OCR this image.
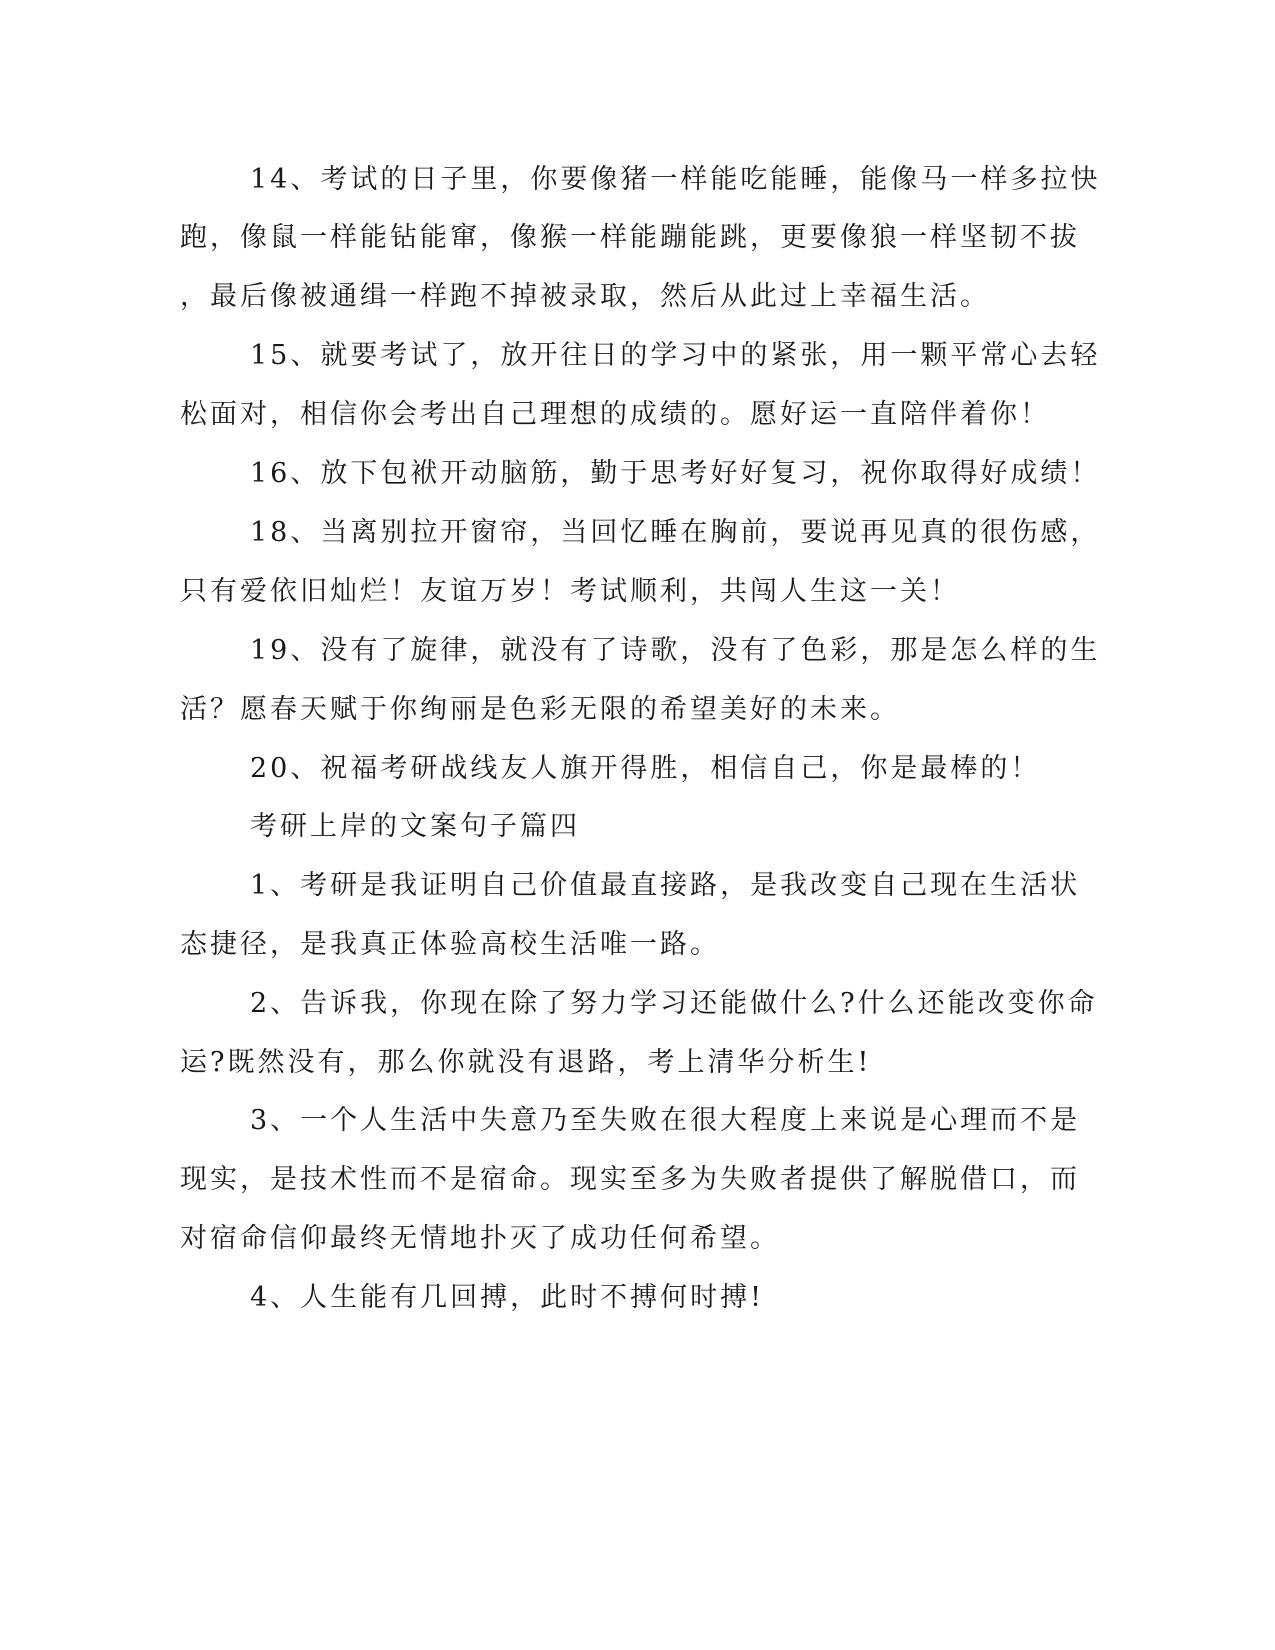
14、考试的日子里，你要像猪一样能吃能睡，能像马一样多拉快
跑，像鼠一样能钻能窜，像猴一样能蹦能跳，更要像狼一样坚韧不拔
，最后像被通缉一样跑不掉被录取，然后从此过上幸福生活。
15、就要考试了，放开往日的学习中的紧张，用一颗平常心去轻
松面对，相信你会考出自己理想的成绩的。愿好运一直陪伴着你！
16、放下包袱开动脑筋，勤于思考好好复习，祝你取得好成绩！
18、当离别拉开窗帘，当回忆睡在胸前，要说再见真的很伤感，
只有爱依旧灿烂！友谊万岁！考试顺利，共闯人生这一关！
19、没有了旋律，就没有了诗歌，没有了色彩，那是怎么样的生
活？愿春天赋于你绚丽是色彩无限的希望美好的未来。
20、祝福考研战线友人旗开得胜，相信自己，你是最棒的！
考研上岸的文案句子篇四
1、考研是我证明自己价值最直接路，是我改变自己现在生活状
态捷径，是我真正体验高校生活唯一路。
2、告诉我，你现在除了努力学习还能做什么?什么还能改变你命
运?既然没有，那么你就没有退路，考上清华分析生!
3、一个人生活中失意乃至失败在很大程度上来说是心理而不是
现实，是技术性而不是宿命。现实至多为失败者提供了解脱借口，而
对宿命信仰最终无情地扑灭了成功任何希望。
4、人生能有几回搏，此时不搏何时搏!
